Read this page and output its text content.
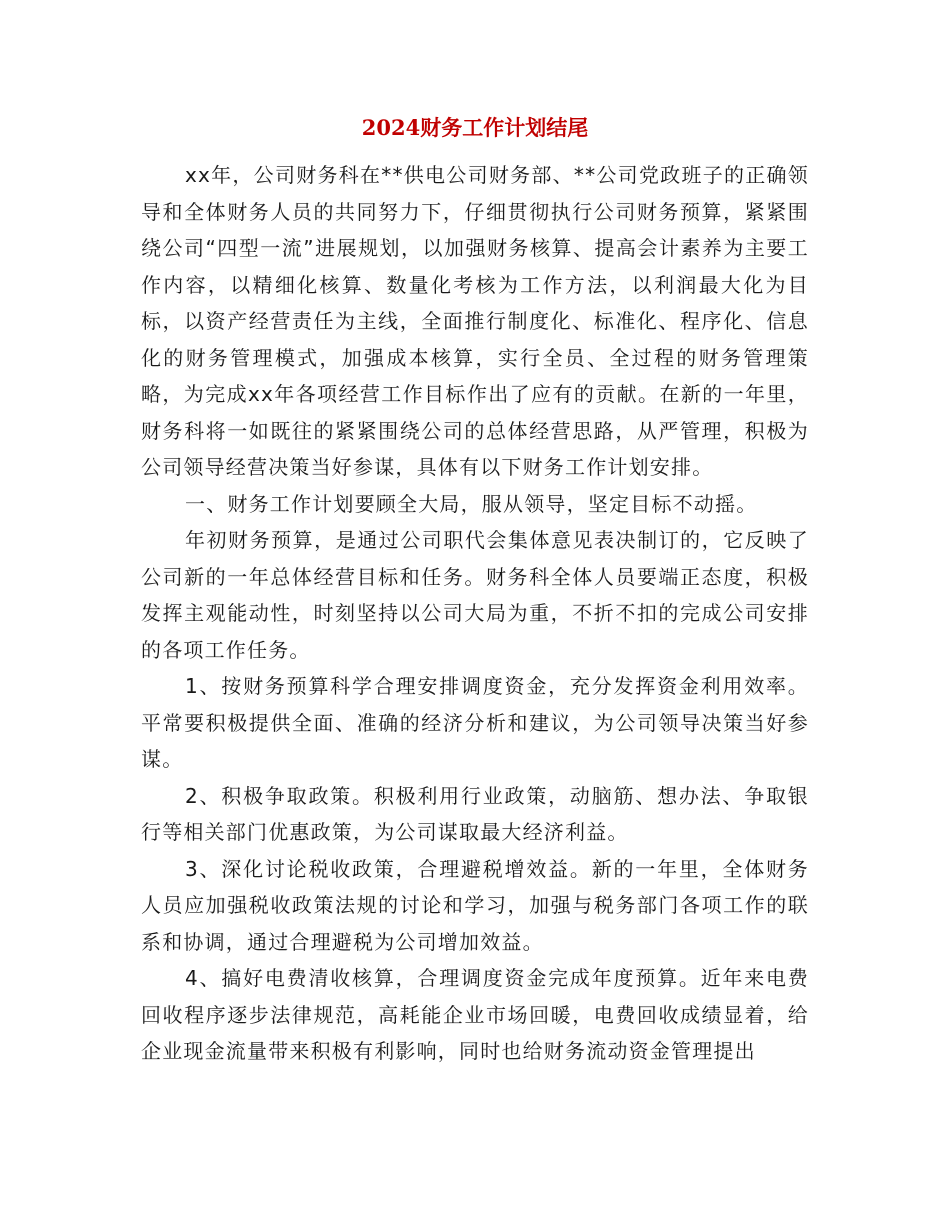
2024财务工作计划结尾

xx年，公司财务科在**供电公司财务部、**公司党政班子的正确领导和全体财务人员的共同努力下，仔细贯彻执行公司财务预算，紧紧围绕公司“四型一流”进展规划，以加强财务核算、提高会计素养为主要工作内容，以精细化核算、数量化考核为工作方法，以利润最大化为目标，以资产经营责任为主线，全面推行制度化、标准化、程序化、信息化的财务管理模式，加强成本核算，实行全员、全过程的财务管理策略，为完成xx年各项经营工作目标作出了应有的贡献。在新的一年里，财务科将一如既往的紧紧围绕公司的总体经营思路，从严管理，积极为公司领导经营决策当好参谋，具体有以下财务工作计划安排。

一、财务工作计划要顾全大局，服从领导，坚定目标不动摇。

年初财务预算，是通过公司职代会集体意见表决制订的，它反映了公司新的一年总体经营目标和任务。财务科全体人员要端正态度，积极发挥主观能动性，时刻坚持以公司大局为重，不折不扣的完成公司安排的各项工作任务。

1、按财务预算科学合理安排调度资金，充分发挥资金利用效率。平常要积极提供全面、准确的经济分析和建议，为公司领导决策当好参谋。

2、积极争取政策。积极利用行业政策，动脑筋、想办法、争取银行等相关部门优惠政策，为公司谋取最大经济利益。

3、深化讨论税收政策，合理避税增效益。新的一年里，全体财务人员应加强税收政策法规的讨论和学习，加强与税务部门各项工作的联系和协调，通过合理避税为公司增加效益。

4、搞好电费清收核算，合理调度资金完成年度预算。近年来电费回收程序逐步法律规范，高耗能企业市场回暖，电费回收成绩显着，给企业现金流量带来积极有利影响，同时也给财务流动资金管理提出
